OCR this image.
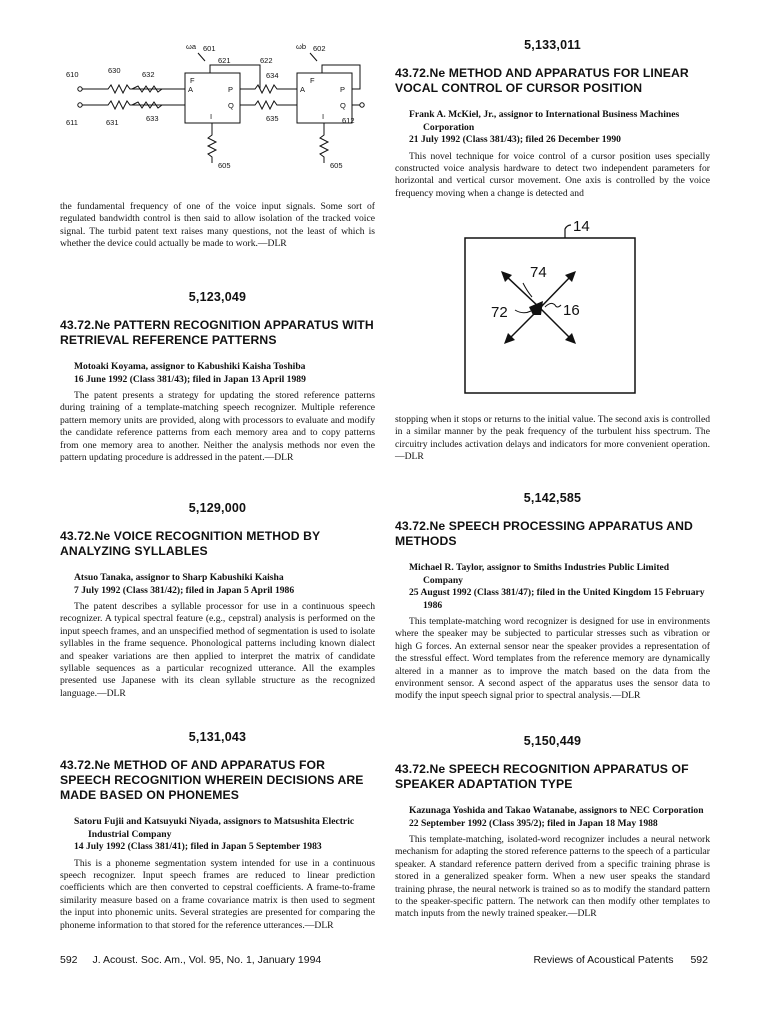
ωa 601	ωb 602
610	630	632
621	622
634
F
A	P
Q
I
F
A	P
Q
I
611	631	633	635	612
605	605

the fundamental frequency of one of the voice input signals. Some sort of regulated bandwidth control is then said to allow isolation of the tracked voice signal. The turbid patent text raises many questions, not the least of which is whether the device could actually be made to work.—DLR

5,123,049
43.72.Ne PATTERN RECOGNITION APPARATUS WITH RETRIEVAL REFERENCE PATTERNS
Motoaki Koyama, assignor to Kabushiki Kaisha Toshiba
16 June 1992 (Class 381/43); filed in Japan 13 April 1989

The patent presents a strategy for updating the stored reference patterns during training of a template-matching speech recognizer. Multiple reference pattern memory units are provided, along with processors to evaluate and modify the candidate reference patterns from each memory area and to copy patterns from one memory area to another. Neither the analysis methods nor even the pattern updating procedure is addressed in the patent.—DLR

5,129,000
43.72.Ne VOICE RECOGNITION METHOD BY ANALYZING SYLLABLES
Atsuo Tanaka, assignor to Sharp Kabushiki Kaisha
7 July 1992 (Class 381/42); filed in Japan 5 April 1986

The patent describes a syllable processor for use in a continuous speech recognizer. A typical spectral feature (e.g., cepstral) analysis is performed on the input speech frames, and an unspecified method of segmentation is used to isolate syllables in the frame sequence. Phonological patterns including known dialect and speaker variations are then applied to interpret the matrix of candidate syllable sequences as a particular recognized utterance. All the examples presented use Japanese with its clean syllable structure as the recognized language.—DLR

5,131,043
43.72.Ne METHOD OF AND APPARATUS FOR SPEECH RECOGNITION WHEREIN DECISIONS ARE MADE BASED ON PHONEMES
Satoru Fujii and Katsuyuki Niyada, assignors to Matsushita Electric Industrial Company
14 July 1992 (Class 381/41); filed in Japan 5 September 1983

This is a phoneme segmentation system intended for use in a continuous speech recognizer. Input speech frames are reduced to linear prediction coefficients which are then converted to cepstral coefficients. A frame-to-frame similarity measure based on a frame covariance matrix is then used to segment the input into phonemic units. Several strategies are presented for comparing the phoneme information to that stored for the reference utterances.—DLR

5,133,011
43.72.Ne METHOD AND APPARATUS FOR LINEAR VOCAL CONTROL OF CURSOR POSITION
Frank A. McKiel, Jr., assignor to International Business Machines Corporation
21 July 1992 (Class 381/43); filed 26 December 1990

This novel technique for voice control of a cursor position uses specially constructed voice analysis hardware to detect two independent parameters for horizontal and vertical cursor movement. One axis is controlled by the voice frequency moving when a change is detected and

14
74
72	16

stopping when it stops or returns to the initial value. The second axis is controlled in a similar manner by the peak frequency of the turbulent hiss spectrum. The circuitry includes activation delays and indicators for more convenient operation.—DLR

5,142,585
43.72.Ne SPEECH PROCESSING APPARATUS AND METHODS
Michael R. Taylor, assignor to Smiths Industries Public Limited Company
25 August 1992 (Class 381/47); filed in the United Kingdom 15 February 1986

This template-matching word recognizer is designed for use in environments where the speaker may be subjected to particular stresses such as vibration or high G forces. An external sensor near the speaker provides a representation of the stressful effect. Word templates from the reference memory are dynamically altered in a manner as to improve the match based on the data from the environment sensor. A second aspect of the apparatus uses the sensor data to modify the input speech signal prior to spectral analysis.—DLR

5,150,449
43.72.Ne SPEECH RECOGNITION APPARATUS OF SPEAKER ADAPTATION TYPE
Kazunaga Yoshida and Takao Watanabe, assignors to NEC Corporation
22 September 1992 (Class 395/2); filed in Japan 18 May 1988

This template-matching, isolated-word recognizer includes a neural network mechanism for adapting the stored reference patterns to the speech of a particular speaker. A standard reference pattern derived from a specific training phrase is stored in a generalized speaker form. When a new user speaks the standard training phrase, the neural network is trained so as to modify the standard pattern to the speaker-specific pattern. The network can then modify other templates to match inputs from the newly trained speaker.—DLR

592 J. Acoust. Soc. Am., Vol. 95, No. 1, January 1994	Reviews of Acoustical Patents 592
